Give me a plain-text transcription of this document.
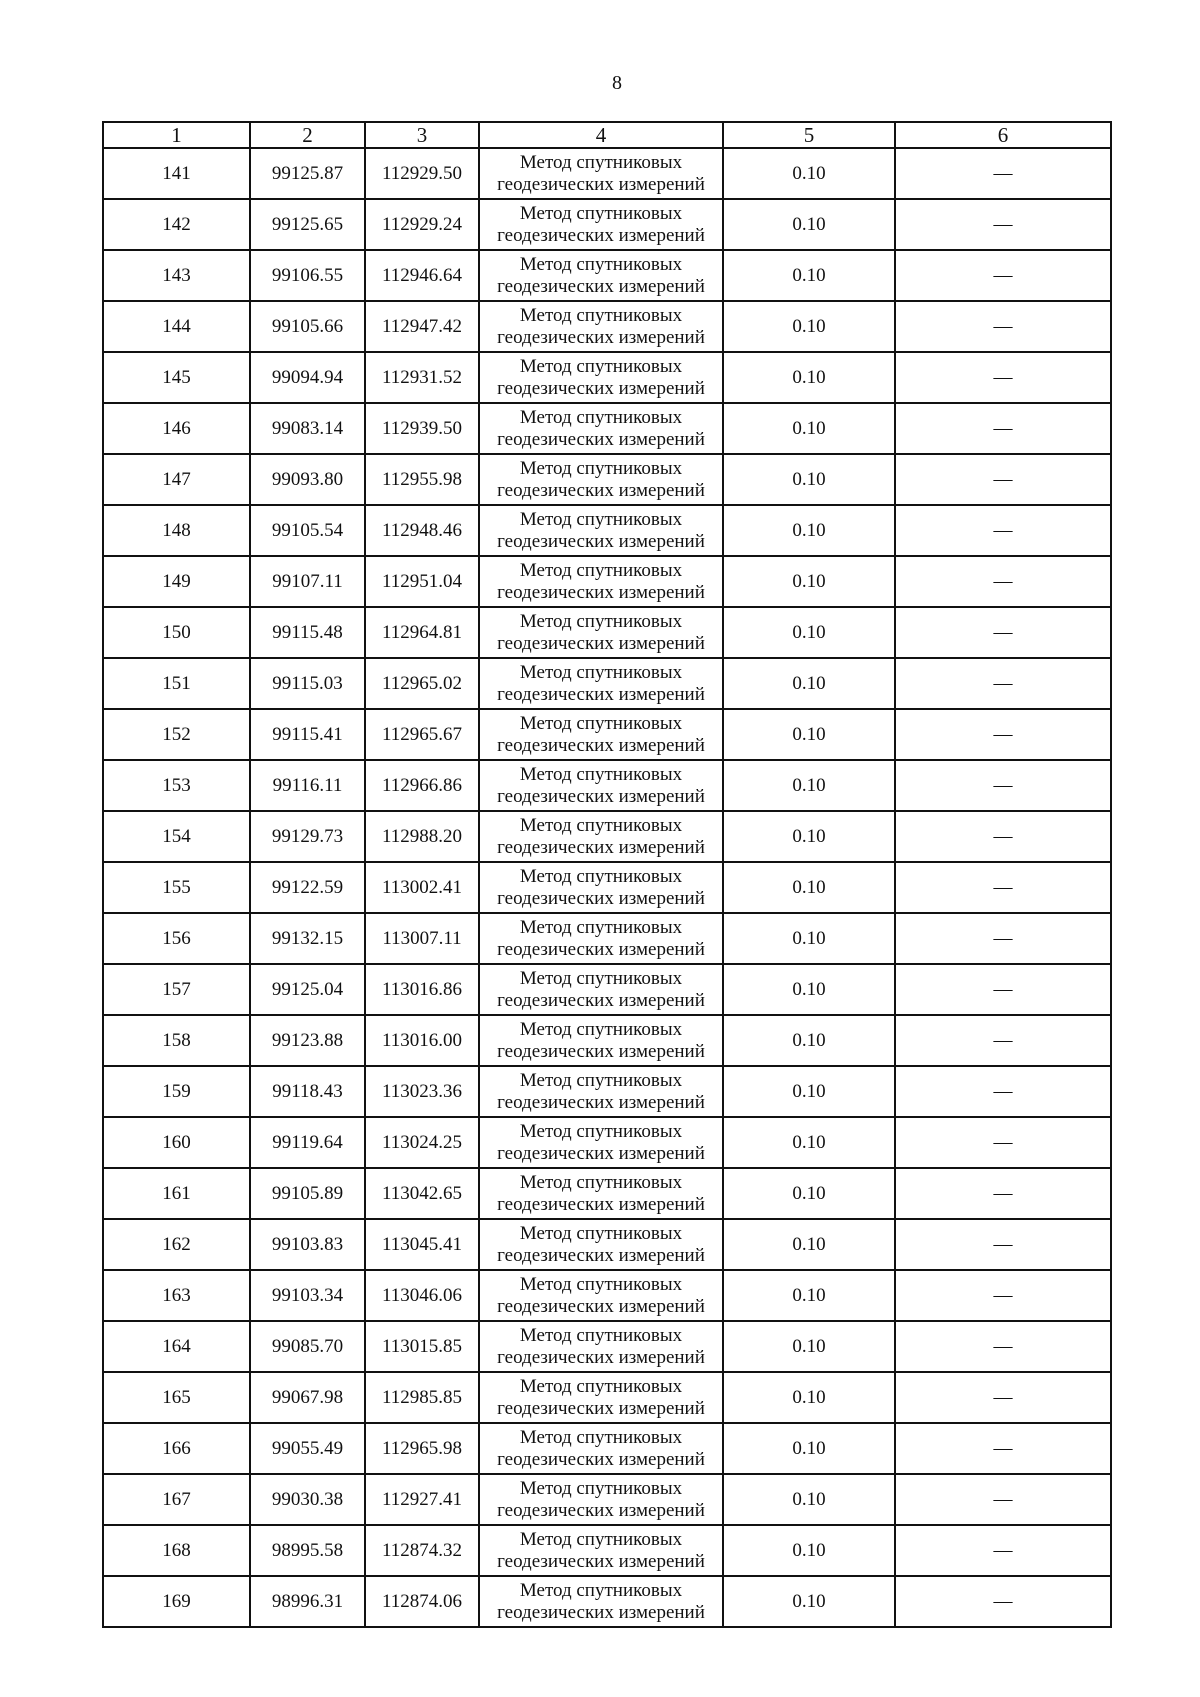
8
1	2	3	4	5	6
141	99125.87	112929.50	Метод спутниковых геодезических измерений	0.10	—
142	99125.65	112929.24	Метод спутниковых геодезических измерений	0.10	—
143	99106.55	112946.64	Метод спутниковых геодезических измерений	0.10	—
144	99105.66	112947.42	Метод спутниковых геодезических измерений	0.10	—
145	99094.94	112931.52	Метод спутниковых геодезических измерений	0.10	—
146	99083.14	112939.50	Метод спутниковых геодезических измерений	0.10	—
147	99093.80	112955.98	Метод спутниковых геодезических измерений	0.10	—
148	99105.54	112948.46	Метод спутниковых геодезических измерений	0.10	—
149	99107.11	112951.04	Метод спутниковых геодезических измерений	0.10	—
150	99115.48	112964.81	Метод спутниковых геодезических измерений	0.10	—
151	99115.03	112965.02	Метод спутниковых геодезических измерений	0.10	—
152	99115.41	112965.67	Метод спутниковых геодезических измерений	0.10	—
153	99116.11	112966.86	Метод спутниковых геодезических измерений	0.10	—
154	99129.73	112988.20	Метод спутниковых геодезических измерений	0.10	—
155	99122.59	113002.41	Метод спутниковых геодезических измерений	0.10	—
156	99132.15	113007.11	Метод спутниковых геодезических измерений	0.10	—
157	99125.04	113016.86	Метод спутниковых геодезических измерений	0.10	—
158	99123.88	113016.00	Метод спутниковых геодезических измерений	0.10	—
159	99118.43	113023.36	Метод спутниковых геодезических измерений	0.10	—
160	99119.64	113024.25	Метод спутниковых геодезических измерений	0.10	—
161	99105.89	113042.65	Метод спутниковых геодезических измерений	0.10	—
162	99103.83	113045.41	Метод спутниковых геодезических измерений	0.10	—
163	99103.34	113046.06	Метод спутниковых геодезических измерений	0.10	—
164	99085.70	113015.85	Метод спутниковых геодезических измерений	0.10	—
165	99067.98	112985.85	Метод спутниковых геодезических измерений	0.10	—
166	99055.49	112965.98	Метод спутниковых геодезических измерений	0.10	—
167	99030.38	112927.41	Метод спутниковых геодезических измерений	0.10	—
168	98995.58	112874.32	Метод спутниковых геодезических измерений	0.10	—
169	98996.31	112874.06	Метод спутниковых геодезических измерений	0.10	—
